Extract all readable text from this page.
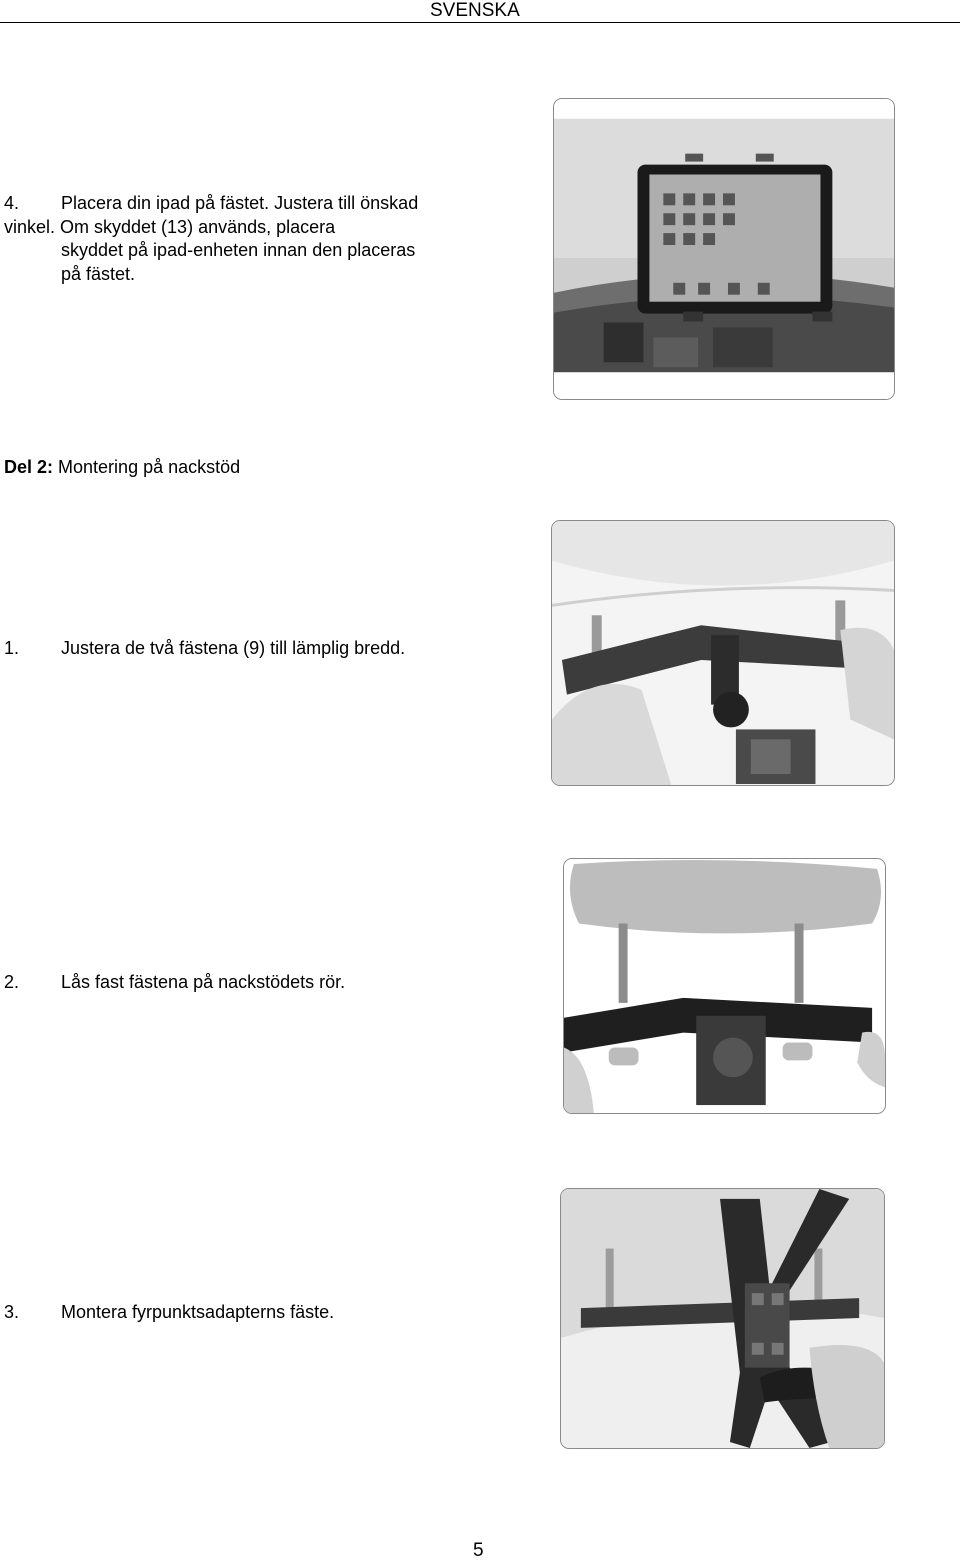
SVENSKA
4. Placera din ipad på fästet. Justera till önskad
vinkel. Om skyddet (13) används, placera
skyddet på ipad-enheten innan den placeras
på fästet.
Del 2: Montering på nackstöd
1. Justera de två fästena (9) till lämplig bredd.
2. Lås fast fästena på nackstödets rör.
3. Montera fyrpunktsadapterns fäste.
5
